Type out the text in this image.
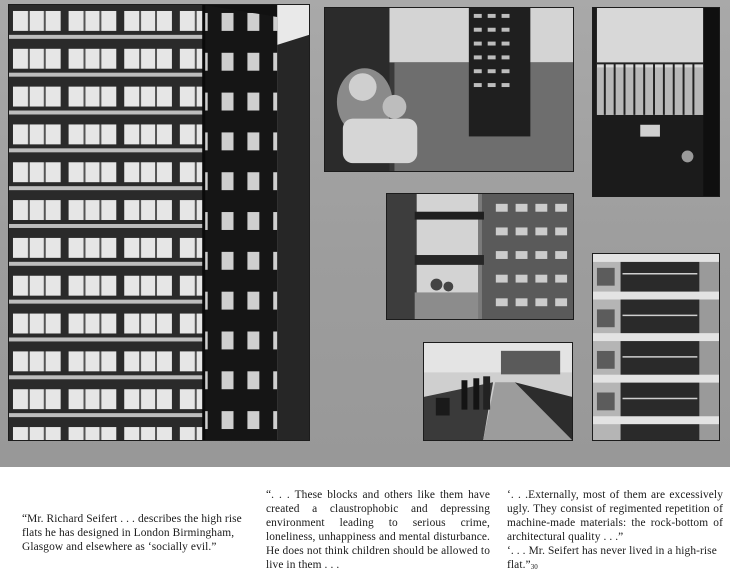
“Mr. Richard Seifert . . . describes the high rise flats he has designed in London Birmingham, Glasgow and elsewhere as ‘socially evil.”

“. . . These blocks and others like them have created a claustrophobic and depressing environment leading to serious crime, loneliness, unhappiness and mental disturbance. He does not think children should be allowed to live in them . . .

‘. . .Externally, most of them are excessively ugly. They consist of regimented repetition of machine-made materials: the rock-bottom of architectural quality . . .”

‘. . . Mr. Seifert has never lived in a high-rise flat.”30
